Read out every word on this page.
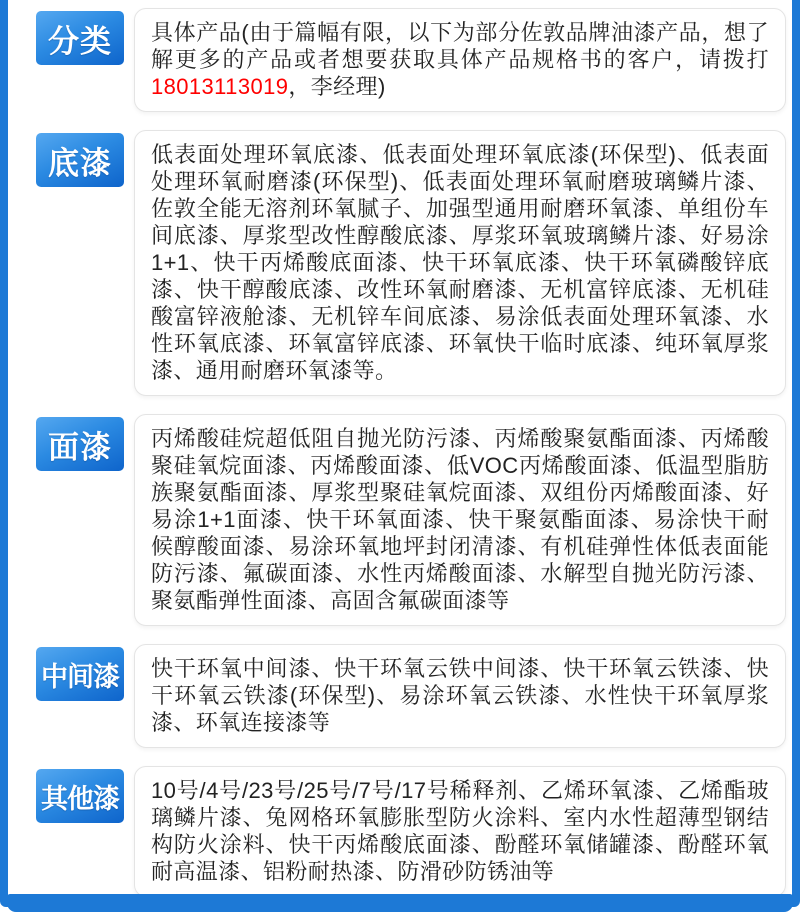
分类	具体产品(由于篇幅有限，以下为部分佐敦品牌油漆产品，想了解更多的产品或者想要获取具体产品规格书的客户，请拨打18013113019，李经理)
底漆	低表面处理环氧底漆、低表面处理环氧底漆(环保型)、低表面处理环氧耐磨漆(环保型)、低表面处理环氧耐磨玻璃鳞片漆、佐敦全能无溶剂环氧腻子、加强型通用耐磨环氧漆、单组份车间底漆、厚浆型改性醇酸底漆、厚浆环氧玻璃鳞片漆、好易涂1+1、快干丙烯酸底面漆、快干环氧底漆、快干环氧磷酸锌底漆、快干醇酸底漆、改性环氧耐磨漆、无机富锌底漆、无机硅酸富锌液舱漆、无机锌车间底漆、易涂低表面处理环氧漆、水性环氧底漆、环氧富锌底漆、环氧快干临时底漆、纯环氧厚浆漆、通用耐磨环氧漆等。
面漆	丙烯酸硅烷超低阻自抛光防污漆、丙烯酸聚氨酯面漆、丙烯酸聚硅氧烷面漆、丙烯酸面漆、低VOC丙烯酸面漆、低温型脂肪族聚氨酯面漆、厚浆型聚硅氧烷面漆、双组份丙烯酸面漆、好易涂1+1面漆、快干环氧面漆、快干聚氨酯面漆、易涂快干耐候醇酸面漆、易涂环氧地坪封闭清漆、有机硅弹性体低表面能防污漆、氟碳面漆、水性丙烯酸面漆、水解型自抛光防污漆、聚氨酯弹性面漆、高固含氟碳面漆等
中间漆	快干环氧中间漆、快干环氧云铁中间漆、快干环氧云铁漆、快干环氧云铁漆(环保型)、易涂环氧云铁漆、水性快干环氧厚浆漆、环氧连接漆等
其他漆	10号/4号/23号/25号/7号/17号稀释剂、乙烯环氧漆、乙烯酯玻璃鳞片漆、兔网格环氧膨胀型防火涂料、室内水性超薄型钢结构防火涂料、快干丙烯酸底面漆、酚醛环氧储罐漆、酚醛环氧耐高温漆、铝粉耐热漆、防滑砂防锈油等
